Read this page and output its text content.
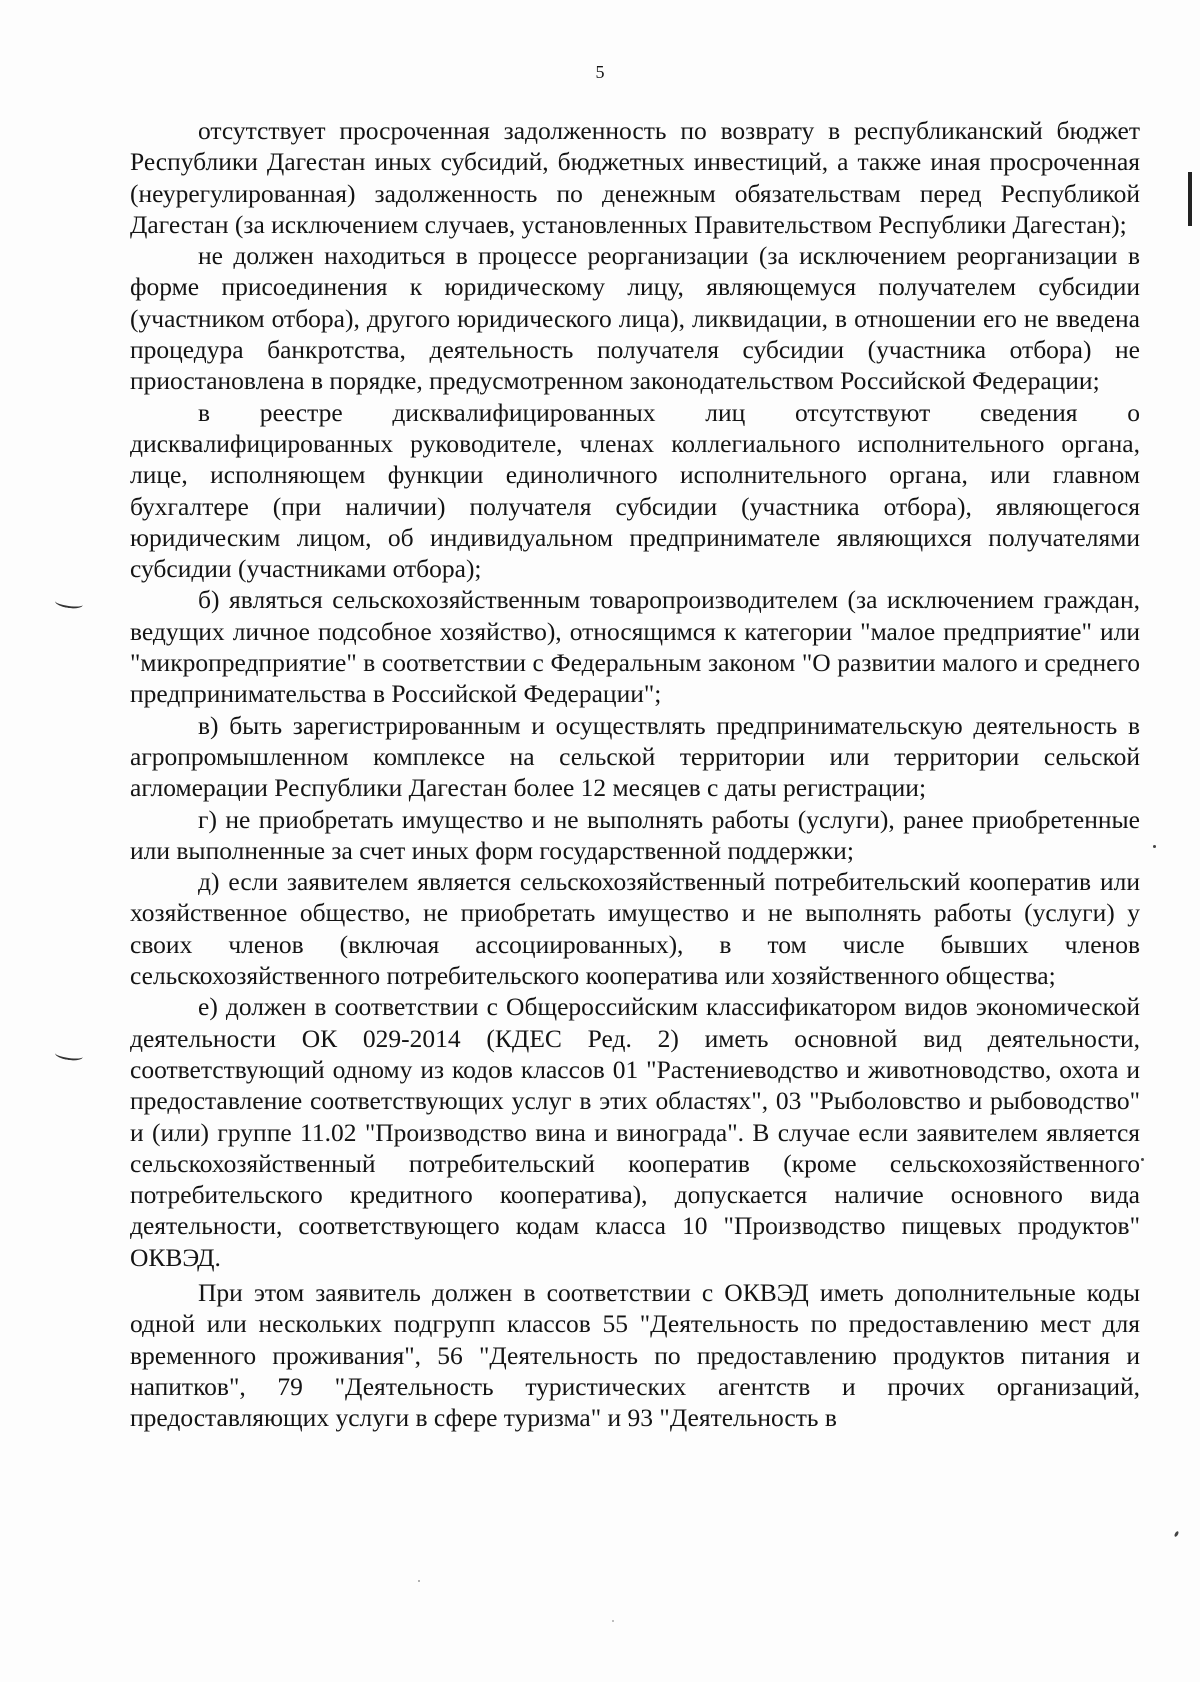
5

отсутствует просроченная задолженность по возврату в республиканский бюджет Республики Дагестан иных субсидий, бюджетных инвестиций, а также иная просроченная (неурегулированная) задолженность по денежным обязательствам перед Республикой Дагестан (за исключением случаев, установленных Правительством Республики Дагестан);

не должен находиться в процессе реорганизации (за исключением реорганизации в форме присоединения к юридическому лицу, являющемуся получателем субсидии (участником отбора), другого юридического лица), ликвидации, в отношении его не введена процедура банкротства, деятельность получателя субсидии (участника отбора) не приостановлена в порядке, предусмотренном законодательством Российской Федерации;

в реестре дисквалифицированных лиц отсутствуют сведения о дисквалифицированных руководителе, членах коллегиального исполнительного органа, лице, исполняющем функции единоличного исполнительного органа, или главном бухгалтере (при наличии) получателя субсидии (участника отбора), являющегося юридическим лицом, об индивидуальном предпринимателе являющихся получателями субсидии (участниками отбора);

б) являться сельскохозяйственным товаропроизводителем (за исключением граждан, ведущих личное подсобное хозяйство), относящимся к категории "малое предприятие" или "микропредприятие" в соответствии с Федеральным законом "О развитии малого и среднего предпринимательства в Российской Федерации";

в) быть зарегистрированным и осуществлять предпринимательскую деятельность в агропромышленном комплексе на сельской территории или территории сельской агломерации Республики Дагестан более 12 месяцев с даты регистрации;

г) не приобретать имущество и не выполнять работы (услуги), ранее приобретенные или выполненные за счет иных форм государственной поддержки;

д) если заявителем является сельскохозяйственный потребительский кооператив или хозяйственное общество, не приобретать имущество и не выполнять работы (услуги) у своих членов (включая ассоциированных), в том числе бывших членов сельскохозяйственного потребительского кооператива или хозяйственного общества;

е) должен в соответствии с Общероссийским классификатором видов экономической деятельности ОК 029-2014 (КДЕС Ред. 2) иметь основной вид деятельности, соответствующий одному из кодов классов 01 "Растениеводство и животноводство, охота и предоставление соответствующих услуг в этих областях", 03 "Рыболовство и рыбоводство" и (или) группе 11.02 "Производство вина и винограда". В случае если заявителем является сельскохозяйственный потребительский кооператив (кроме сельскохозяйственного потребительского кредитного кооператива), допускается наличие основного вида деятельности, соответствующего кодам класса 10 "Производство пищевых продуктов" ОКВЭД.

При этом заявитель должен в соответствии с ОКВЭД иметь дополнительные коды одной или нескольких подгрупп классов 55 "Деятельность по предоставлению мест для временного проживания", 56 "Деятельность по предоставлению продуктов питания и напитков", 79 "Деятельность туристических агентств и прочих организаций, предоставляющих услуги в сфере туризма" и 93 "Деятельность в
